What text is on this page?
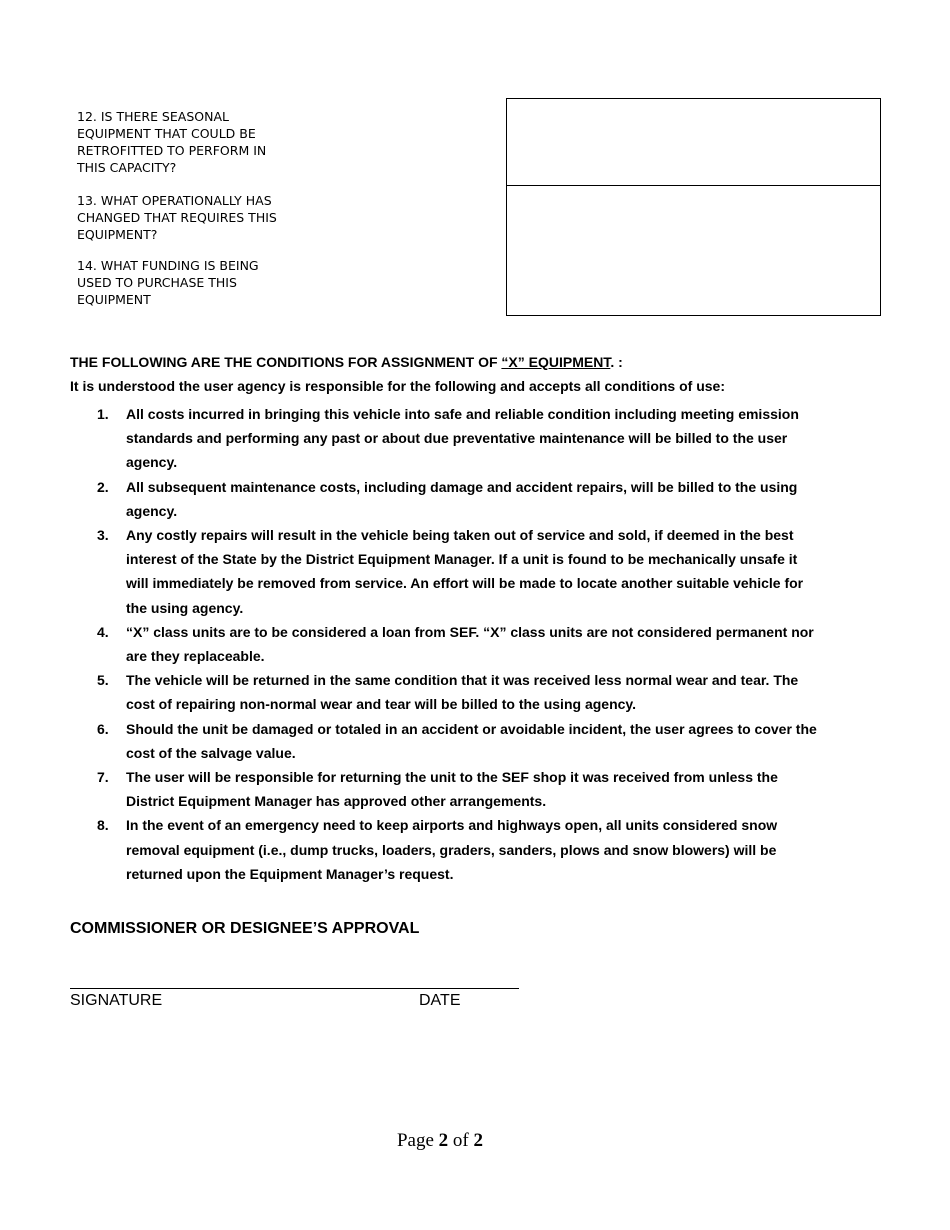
12. IS THERE SEASONAL EQUIPMENT THAT COULD BE RETROFITTED TO PERFORM IN THIS CAPACITY?
13. WHAT OPERATIONALLY HAS CHANGED THAT REQUIRES THIS EQUIPMENT?
14. WHAT FUNDING IS BEING USED TO PURCHASE THIS EQUIPMENT
THE FOLLOWING ARE THE CONDITIONS FOR ASSIGNMENT OF “X” EQUIPMENT. :
It is understood the user agency is responsible for the following and accepts all conditions of use:
1. All costs incurred in bringing this vehicle into safe and reliable condition including meeting emission standards and performing any past or about due preventative maintenance will be billed to the user agency.
2. All subsequent maintenance costs, including damage and accident repairs, will be billed to the using agency.
3. Any costly repairs will result in the vehicle being taken out of service and sold, if deemed in the best interest of the State by the District Equipment Manager. If a unit is found to be mechanically unsafe it will immediately be removed from service. An effort will be made to locate another suitable vehicle for the using agency.
4. “X” class units are to be considered a loan from SEF. “X” class units are not considered permanent nor are they replaceable.
5. The vehicle will be returned in the same condition that it was received less normal wear and tear. The cost of repairing non-normal wear and tear will be billed to the using agency.
6. Should the unit be damaged or totaled in an accident or avoidable incident, the user agrees to cover the cost of the salvage value.
7. The user will be responsible for returning the unit to the SEF shop it was received from unless the District Equipment Manager has approved other arrangements.
8. In the event of an emergency need to keep airports and highways open, all units considered snow removal equipment (i.e., dump trucks, loaders, graders, sanders, plows and snow blowers) will be returned upon the Equipment Manager’s request.
COMMISSIONER OR DESIGNEE’S APPROVAL
SIGNATURE	DATE
Page 2 of 2
